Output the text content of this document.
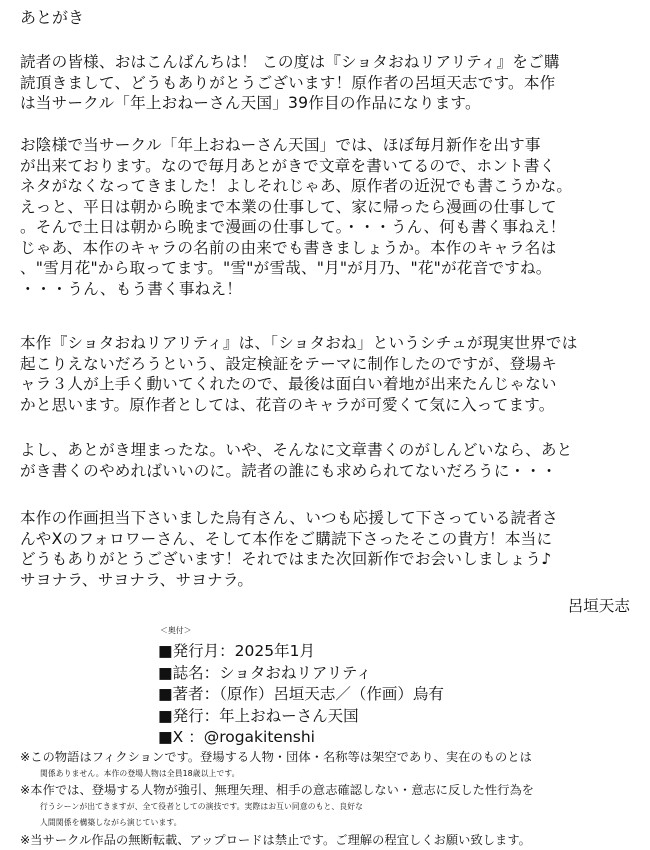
あとがき
読者の皆様、おはこんばんちは！ この度は『ショタおねリアリティ』をご購
読頂きまして、どうもありがとうございます！原作者の呂垣天志です。本作
は当サークル「年上おねーさん天国」39作目の作品になります。
お陰様で当サークル「年上おねーさん天国」では、ほぼ毎月新作を出す事
が出来ております。なので毎月あとがきで文章を書いてるので、ホント書く
ネタがなくなってきました！よしそれじゃあ、原作者の近況でも書こうかな。
えっと、平日は朝から晩まで本業の仕事して、家に帰ったら漫画の仕事して
。そんで土日は朝から晩まで漫画の仕事して。・・・うん、何も書く事ねえ！
じゃあ、本作のキャラの名前の由来でも書きましょうか。本作のキャラ名は
、"雪月花"から取ってます。"雪"が雪哉、"月"が月乃、"花"が花音ですね。
・・・うん、もう書く事ねえ！
本作『ショタおねリアリティ』は、「ショタおね」というシチュが現実世界では
起こりえないだろうという、設定検証をテーマに制作したのですが、登場キ
ャラ３人が上手く動いてくれたので、最後は面白い着地が出来たんじゃない
かと思います。原作者としては、花音のキャラが可愛くて気に入ってます。
よし、あとがき埋まったな。いや、そんなに文章書くのがしんどいなら、あと
がき書くのやめればいいのに。読者の誰にも求められてないだろうに・・・
本作の作画担当下さいました烏有さん、いつも応援して下さっている読者さ
んやXのフォロワーさん、そして本作をご購読下さったそこの貴方！本当に
どうもありがとうございます！それではまた次回新作でお会いしましょう♪
サヨナラ、サヨナラ、サヨナラ。
呂垣天志
＜奥付＞
■発行月：2025年1月
■誌名：ショタおねリアリティ
■著者：（原作）呂垣天志／（作画）烏有
■発行：年上おねーさん天国
■X ：@rogakitenshi
※この物語はフィクションです。登場する人物・団体・名称等は架空であり、実在のものとは
関係ありません。本作の登場人物は全員18歳以上です。
※本作では、登場する人物が強引、無理矢理、相手の意志確認しない・意志に反した性行為を
行うシーンが出てきますが、全て役者としての演技です。実際はお互い同意のもと、良好な
人間関係を構築しながら演じています。
※当サークル作品の無断転載、アップロードは禁止です。ご理解の程宜しくお願い致します。
